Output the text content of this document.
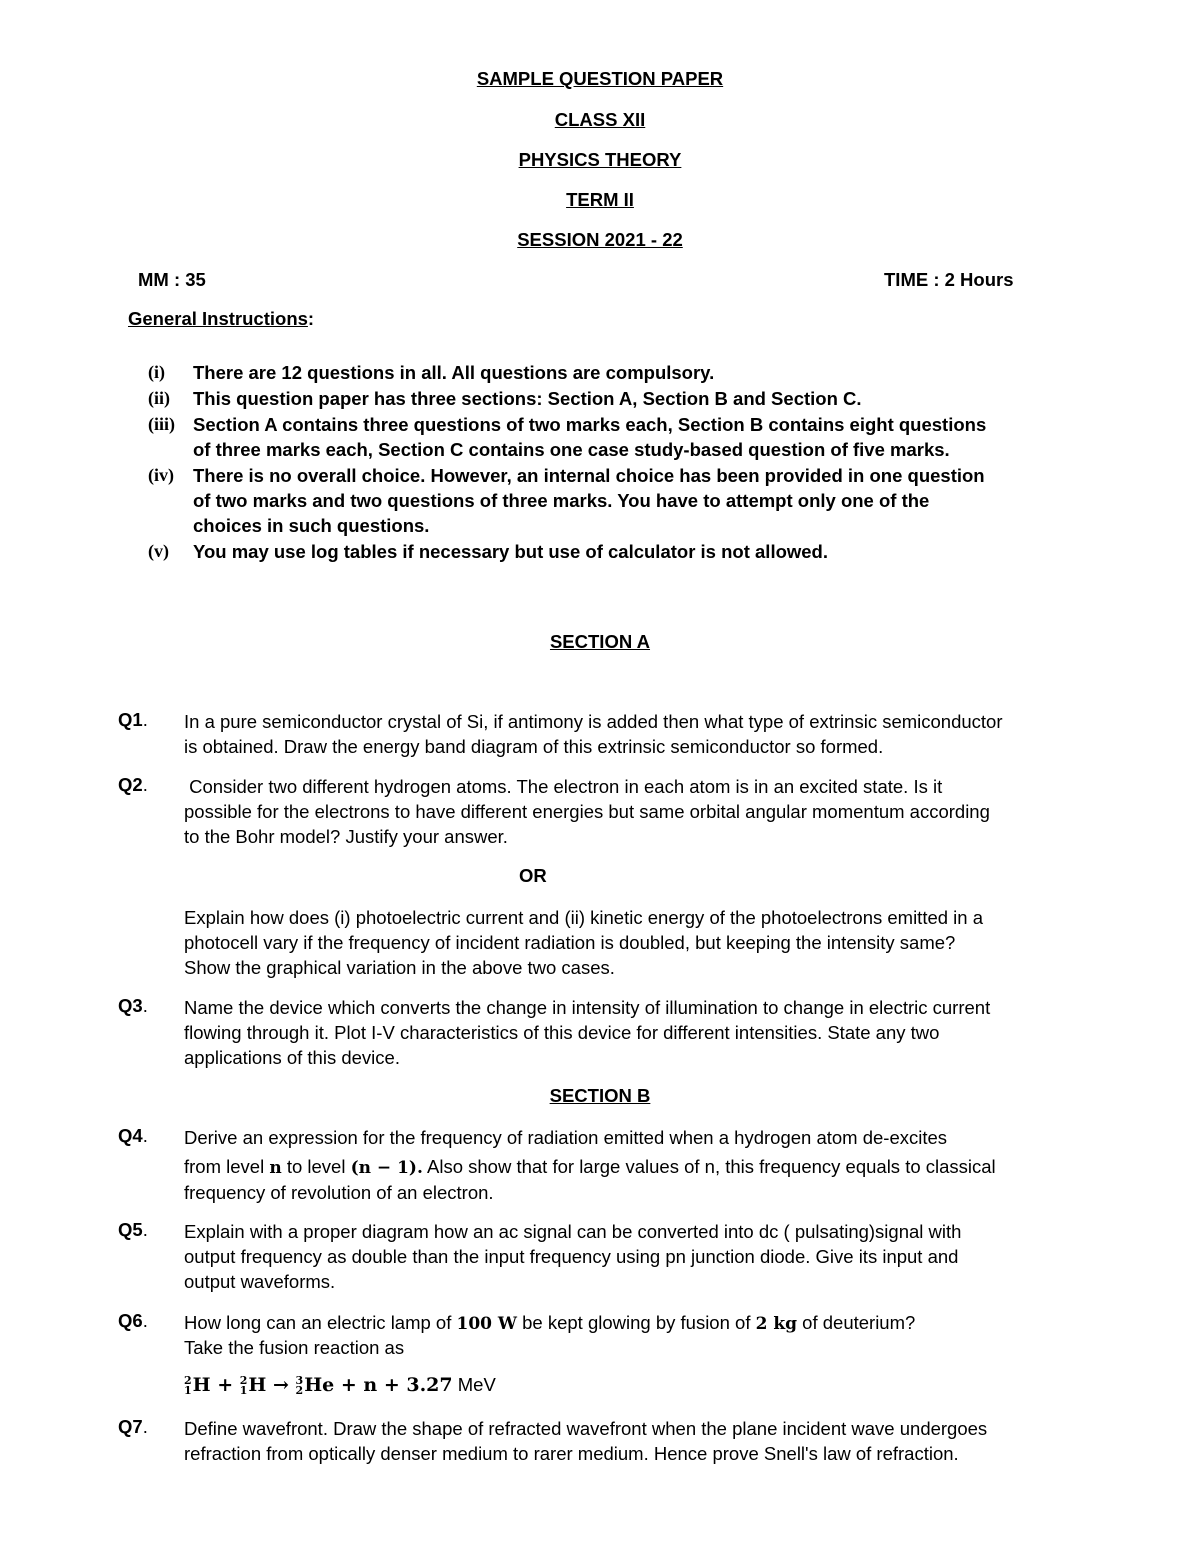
SAMPLE QUESTION PAPER
CLASS XII
PHYSICS THEORY
TERM II
SESSION 2021 - 22
MM : 35	TIME : 2 Hours
General Instructions:
(i) There are 12 questions in all. All questions are compulsory.
(ii) This question paper has three sections: Section A, Section B and Section C.
(iii) Section A contains three questions of two marks each, Section B contains eight questions
of three marks each, Section C contains one case study-based question of five marks.
(iv) There is no overall choice. However, an internal choice has been provided in one question
of two marks and two questions of three marks. You have to attempt only one of the
choices in such questions.
(v) You may use log tables if necessary but use of calculator is not allowed.
SECTION A
Q1. In a pure semiconductor crystal of Si, if antimony is added then what type of extrinsic semiconductor
is obtained. Draw the energy band diagram of this extrinsic semiconductor so formed.
Q2. Consider two different hydrogen atoms. The electron in each atom is in an excited state. Is it
possible for the electrons to have different energies but same orbital angular momentum according
to the Bohr model? Justify your answer.
OR
Explain how does (i) photoelectric current and (ii) kinetic energy of the photoelectrons emitted in a
photocell vary if the frequency of incident radiation is doubled, but keeping the intensity same?
Show the graphical variation in the above two cases.
Q3. Name the device which converts the change in intensity of illumination to change in electric current
flowing through it. Plot I-V characteristics of this device for different intensities. State any two
applications of this device.
SECTION B
Q4. Derive an expression for the frequency of radiation emitted when a hydrogen atom de-excites
from level n to level (n − 1). Also show that for large values of n, this frequency equals to classical
frequency of revolution of an electron.
Q5. Explain with a proper diagram how an ac signal can be converted into dc ( pulsating)signal with
output frequency as double than the input frequency using pn junction diode. Give its input and
output waveforms.
Q6. How long can an electric lamp of 100 W be kept glowing by fusion of 2 kg of deuterium?
Take the fusion reaction as
2
1H + 2
1H → 3
2He + n + 3.27 MeV
Q7. Define wavefront. Draw the shape of refracted wavefront when the plane incident wave undergoes
refraction from optically denser medium to rarer medium. Hence prove Snell's law of refraction.
